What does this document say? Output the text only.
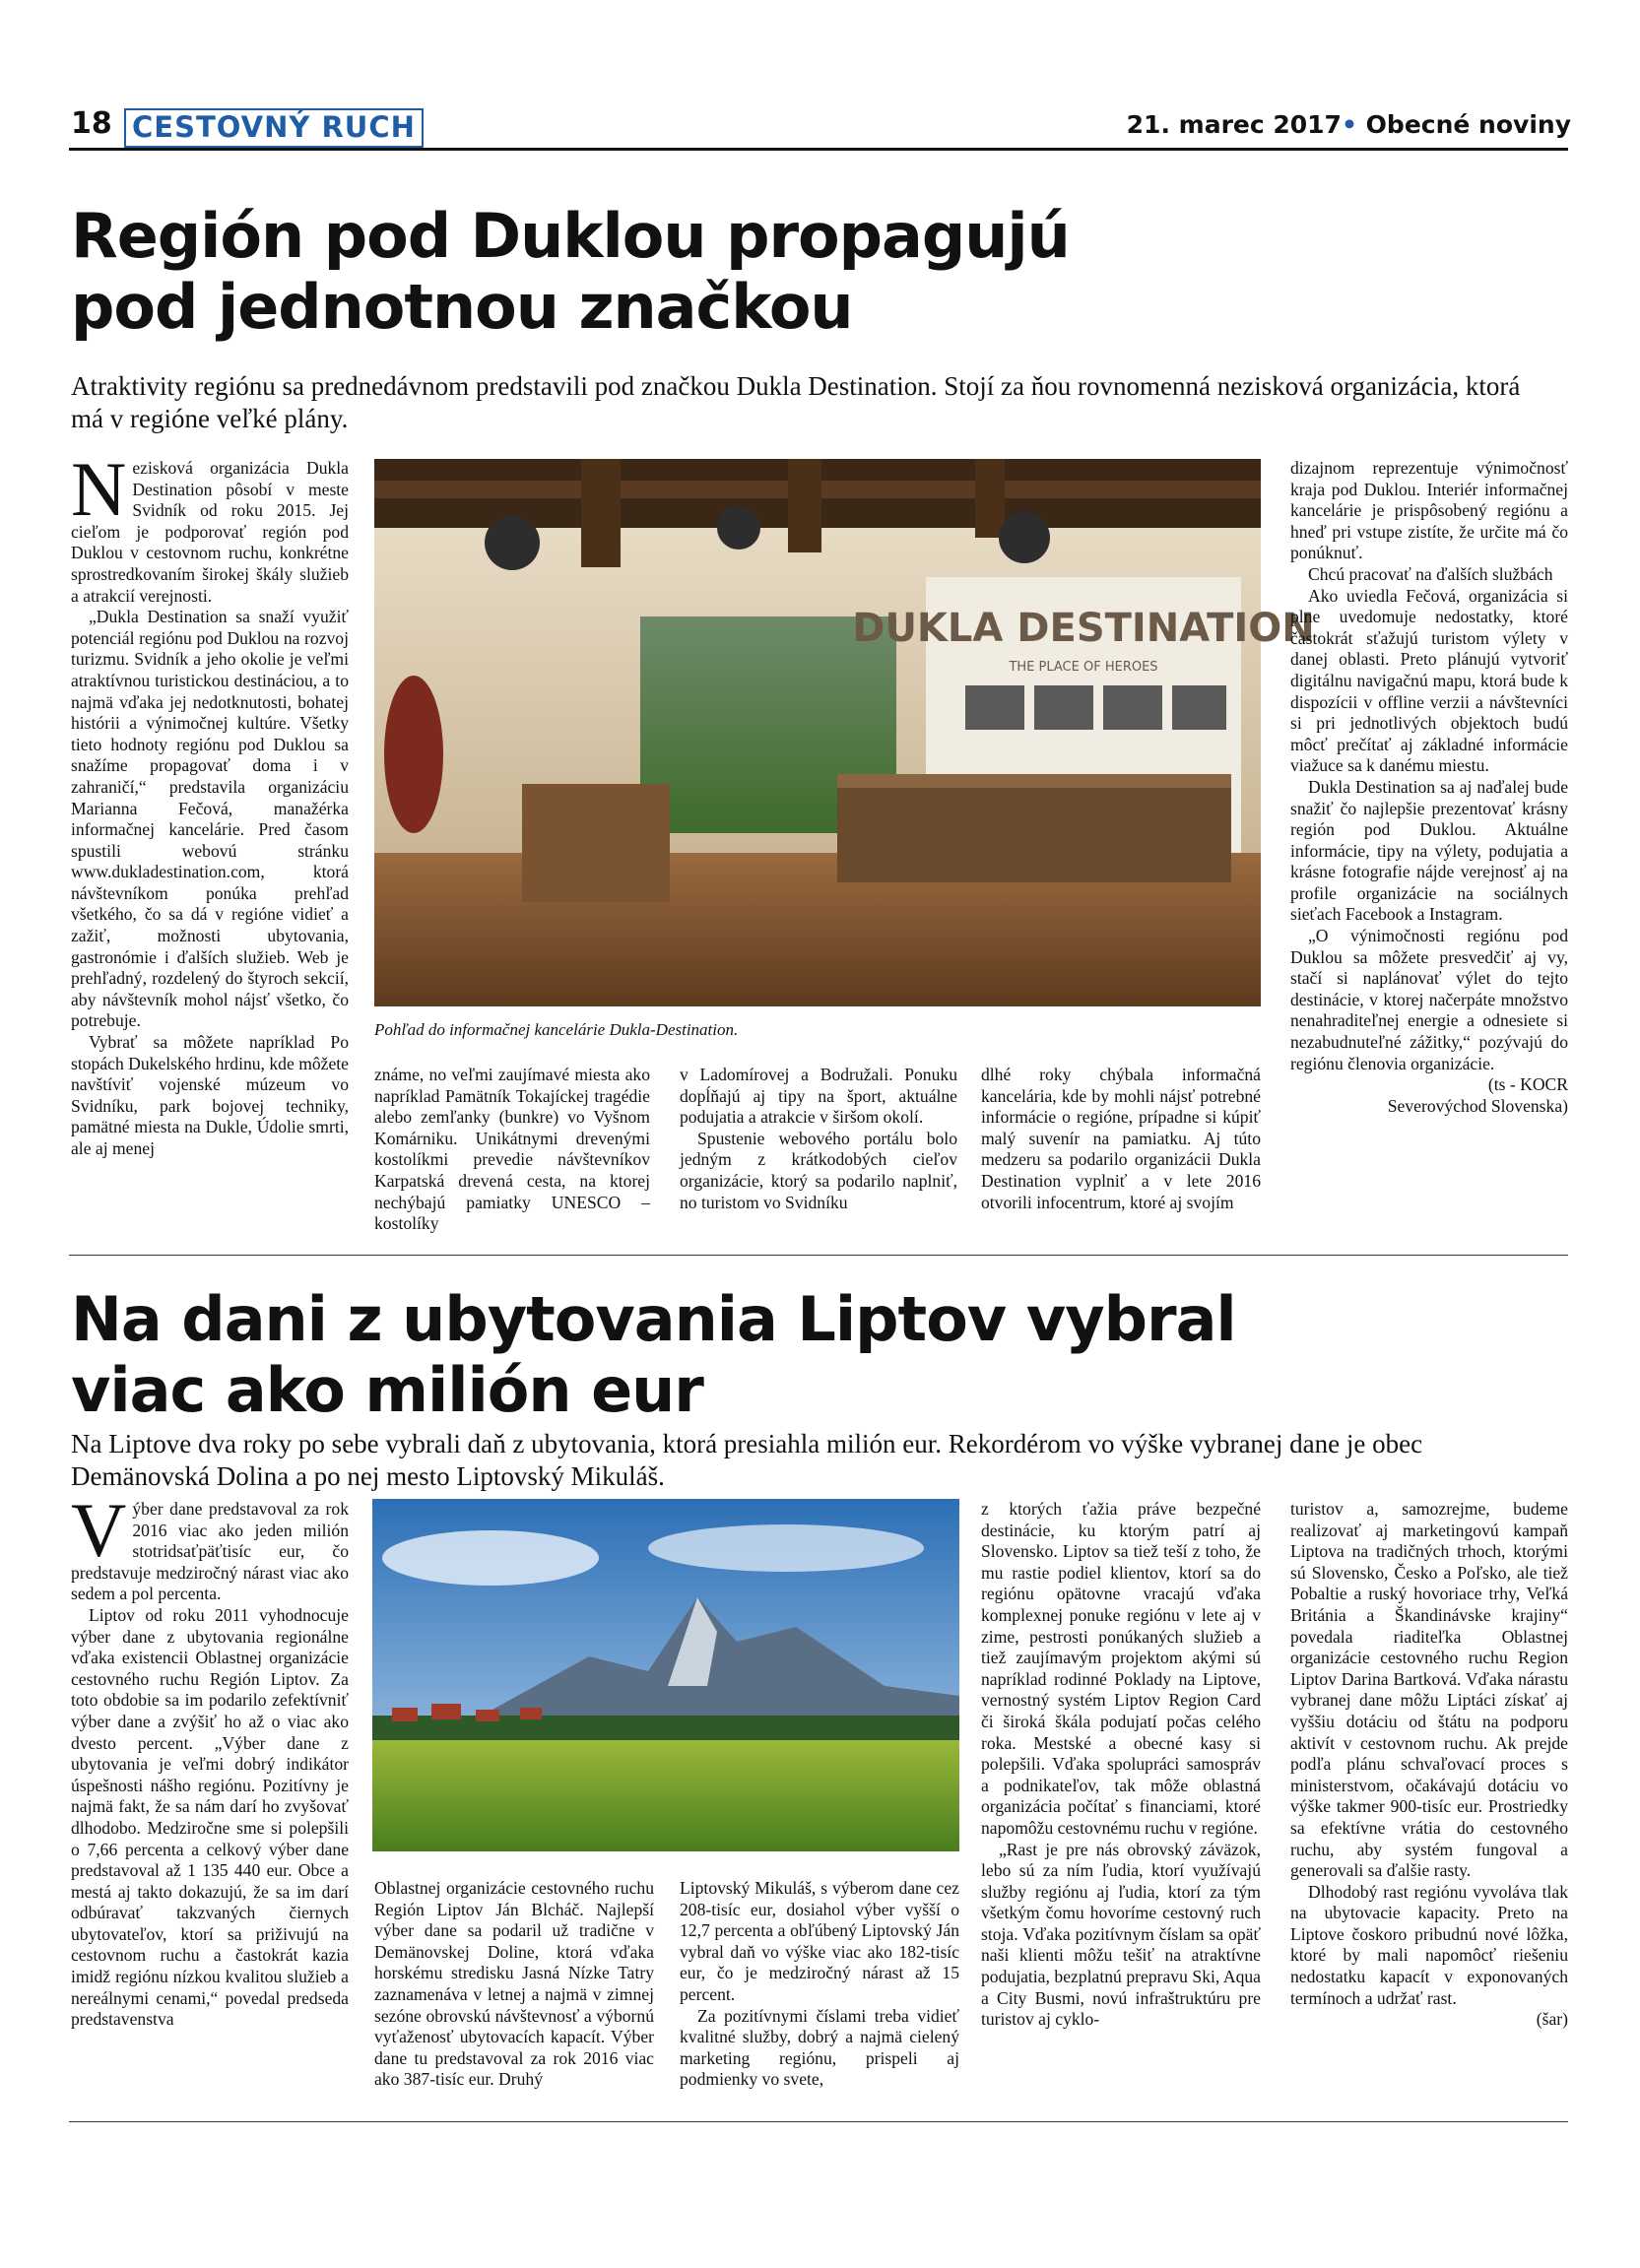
18 CESTOVNÝ RUCH	21. marec 2017• Obecné noviny
Región pod Duklou propagujú
pod jednotnou značkou
Atraktivity regiónu sa prednedávnom predstavili pod značkou Dukla Destination. Stojí za ňou rovnomenná nezisková organizácia, ktorá má v regióne veľké plány.

Nezisková organizácia Dukla Destination pôsobí v meste Svidník od roku 2015. Jej cieľom je podporovať región pod Duklou v cestovnom ruchu, konkrétne sprostredkovaním širokej škály služieb a atrakcií verejnosti.

„Dukla Destination sa snaží využiť potenciál regiónu pod Duklou na rozvoj turizmu. Svidník a jeho okolie je veľmi atraktívnou turistickou destináciou, a to najmä vďaka jej nedotknutosti, bohatej histórii a výnimočnej kultúre. Všetky tieto hodnoty regiónu pod Duklou sa snažíme propagovať doma i v zahraničí,“ predstavila organizáciu Marianna Fečová, manažérka informačnej kancelárie. Pred časom spustili webovú stránku www.dukladestination.com, ktorá návštevníkom ponúka prehľad všetkého, čo sa dá v regióne vidieť a zažiť, možnosti ubytovania, gastronómie i ďalších služieb. Web je prehľadný, rozdelený do štyroch sekcií, aby návštevník mohol nájsť všetko, čo potrebuje.

Vybrať sa môžete napríklad Po stopách Dukelského hrdinu, kde môžete navštíviť vojenské múzeum vo Svidníku, park bojovej techniky, pamätné miesta na Dukle, Údolie smrti, ale aj menej

DUKLA DESTINATION
THE PLACE OF HEROES
Pohľad do informačnej kancelárie Dukla-Destination.

známe, no veľmi zaujímavé miesta ako napríklad Pamätník Tokajíckej tragédie alebo zemľanky (bunkre) vo Vyšnom Komárniku. Unikátnymi drevenými kostolíkmi prevedie návštevníkov Karpatská drevená cesta, na ktorej nechýbajú pamiatky UNESCO – kostolíky

v Ladomírovej a Bodružali. Ponuku dopĺňajú aj tipy na šport, aktuálne podujatia a atrakcie v širšom okolí.

Spustenie webového portálu bolo jedným z krátkodobých cieľov organizácie, ktorý sa podarilo naplniť, no turistom vo Svidníku

dlhé roky chýbala informačná kancelária, kde by mohli nájsť potrebné informácie o regióne, prípadne si kúpiť malý suvenír na pamiatku. Aj túto medzeru sa podarilo organizácii Dukla Destination vyplniť a v lete 2016 otvorili infocentrum, ktoré aj svojím

dizajnom reprezentuje výnimočnosť kraja pod Duklou. Interiér informačnej kancelárie je prispôsobený regiónu a hneď pri vstupe zistíte, že určite má čo ponúknuť.

Chcú pracovať na ďalších službách

Ako uviedla Fečová, organizácia si plne uvedomuje nedostatky, ktoré častokrát sťažujú turistom výlety v danej oblasti. Preto plánujú vytvoriť digitálnu navigačnú mapu, ktorá bude k dispozícii v offline verzii a návštevníci si pri jednotlivých objektoch budú môcť prečítať aj základné informácie viažuce sa k danému miestu.

Dukla Destination sa aj naďalej bude snažiť čo najlepšie prezentovať krásny región pod Duklou. Aktuálne informácie, tipy na výlety, podujatia a krásne fotografie nájde verejnosť aj na profile organizácie na sociálnych sieťach Facebook a Instagram.

„O výnimočnosti regiónu pod Duklou sa môžete presvedčiť aj vy, stačí si naplánovať výlet do tejto destinácie, v ktorej načerpáte množstvo nenahraditeľnej energie a odnesiete si nezabudnuteľné zážitky,“ pozývajú do regiónu členovia organizácie.

(ts - KOCR
Severovýchod Slovenska)
Na dani z ubytovania Liptov vybral
viac ako milión eur
Na Liptove dva roky po sebe vybrali daň z ubytovania, ktorá presiahla milión eur. Rekordérom vo výške vybranej dane je obec Demänovská Dolina a po nej mesto Liptovský Mikuláš.

Výber dane predstavoval za rok 2016 viac ako jeden milión stotridsaťpäťtisíc eur, čo predstavuje medziročný nárast viac ako sedem a pol percenta.

Liptov od roku 2011 vyhodnocuje výber dane z ubytovania regionálne vďaka existencii Oblastnej organizácie cestovného ruchu Región Liptov. Za toto obdobie sa im podarilo zefektívniť výber dane a zvýšiť ho až o viac ako dvesto percent. „Výber dane z ubytovania je veľmi dobrý indikátor úspešnosti nášho regiónu. Pozitívny je najmä fakt, že sa nám darí ho zvyšovať dlhodobo. Medziročne sme si polepšili o 7,66 percenta a celkový výber dane predstavoval až 1 135 440 eur. Obce a mestá aj takto dokazujú, že sa im darí odbúravať takzvaných čiernych ubytovateľov, ktorí sa priživujú na cestovnom ruchu a častokrát kazia imidž regiónu nízkou kvalitou služieb a nereálnymi cenami,“ povedal predseda predstavenstva

Oblastnej organizácie cestovného ruchu Región Liptov Ján Blcháč. Najlepší výber dane sa podaril už tradične v Demänovskej Doline, ktorá vďaka horskému stredisku Jasná Nízke Tatry zaznamenáva v letnej a najmä v zimnej sezóne obrovskú návštevnosť a výbornú vyťaženosť ubytovacích kapacít. Výber dane tu predstavoval za rok 2016 viac ako 387-tisíc eur. Druhý

Liptovský Mikuláš, s výberom dane cez 208-tisíc eur, dosiahol výber vyšší o 12,7 percenta a obľúbený Liptovský Ján vybral daň vo výške viac ako 182-tisíc eur, čo je medziročný nárast až 15 percent.

Za pozitívnymi číslami treba vidieť kvalitné služby, dobrý a najmä cielený marketing regiónu, prispeli aj podmienky vo svete,

z ktorých ťažia práve bezpečné destinácie, ku ktorým patrí aj Slovensko. Liptov sa tiež teší z toho, že mu rastie podiel klientov, ktorí sa do regiónu opätovne vracajú vďaka komplexnej ponuke regiónu v lete aj v zime, pestrosti ponúkaných služieb a tiež zaujímavým projektom akými sú napríklad rodinné Poklady na Liptove, vernostný systém Liptov Region Card či široká škála podujatí počas celého roka. Mestské a obecné kasy si polepšili. Vďaka spolupráci samospráv a podnikateľov, tak môže oblastná organizácia počítať s financiami, ktoré napomôžu cestovnému ruchu v regióne.

„Rast je pre nás obrovský záväzok, lebo sú za ním ľudia, ktorí využívajú služby regiónu aj ľudia, ktorí za tým všetkým čomu hovoríme cestovný ruch stoja. Vďaka pozitívnym číslam sa opäť naši klienti môžu tešiť na atraktívne podujatia, bezplatnú prepravu Ski, Aqua a City Busmi, novú infraštruktúru pre turistov aj cyklo-

turistov a, samozrejme, budeme realizovať aj marketingovú kampaň Liptova na tradičných trhoch, ktorými sú Slovensko, Česko a Poľsko, ale tiež Pobaltie a ruský hovoriace trhy, Veľká Británia a Škandinávske krajiny“ povedala riaditeľka Oblastnej organizácie cestovného ruchu Region Liptov Darina Bartková. Vďaka nárastu vybranej dane môžu Liptáci získať aj vyššiu dotáciu od štátu na podporu aktivít v cestovnom ruchu. Ak prejde podľa plánu schvaľovací proces s ministerstvom, očakávajú dotáciu vo výške takmer 900-tisíc eur. Prostriedky sa efektívne vrátia do cestovného ruchu, aby systém fungoval a generovali sa ďalšie rasty.

Dlhodobý rast regiónu vyvoláva tlak na ubytovacie kapacity. Preto na Liptove čoskoro pribudnú nové lôžka, ktoré by mali napomôcť riešeniu nedostatku kapacít v exponovaných termínoch a udržať rast.

(šar)
